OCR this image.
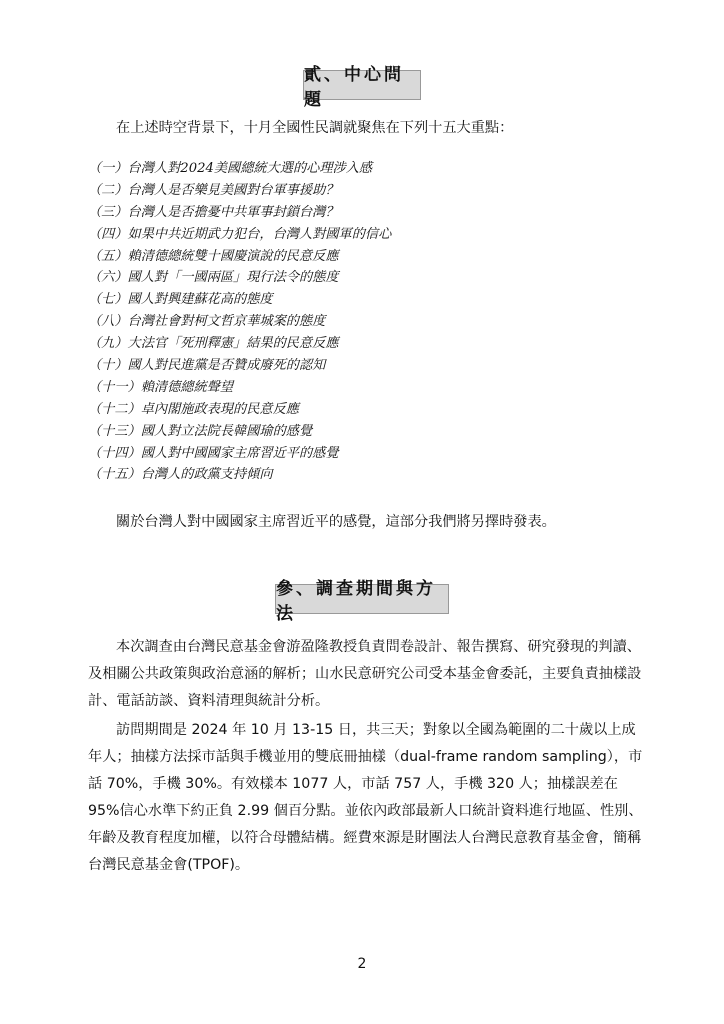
貳、中心問題

在上述時空背景下，十月全國性民調就聚焦在下列十五大重點：

（一）台灣人對2024美國總統大選的心理涉入感
（二）台灣人是否樂見美國對台軍事援助？
（三）台灣人是否擔憂中共軍事封鎖台灣？
（四）如果中共近期武力犯台，台灣人對國軍的信心
（五）賴清德總統雙十國慶演說的民意反應
（六）國人對「一國兩區」現行法令的態度
（七）國人對興建蘇花高的態度
（八）台灣社會對柯文哲京華城案的態度
（九）大法官「死刑釋憲」結果的民意反應
（十）國人對民進黨是否贊成廢死的認知
（十一）賴清德總統聲望
（十二）卓內閣施政表現的民意反應
（十三）國人對立法院長韓國瑜的感覺
（十四）國人對中國國家主席習近平的感覺
（十五）台灣人的政黨支持傾向

關於台灣人對中國國家主席習近平的感覺，這部分我們將另擇時發表。

參、調查期間與方法

本次調查由台灣民意基金會游盈隆教授負責問卷設計、報告撰寫、研究發現的判讀、及相關公共政策與政治意涵的解析；山水民意研究公司受本基金會委託，主要負責抽樣設計、電話訪談、資料清理與統計分析。

訪問期間是 2024 年 10 月 13-15 日，共三天；對象以全國為範圍的二十歲以上成年人；抽樣方法採市話與手機並用的雙底冊抽樣（dual-frame random sampling），市話 70%，手機 30%。有效樣本 1077 人，市話 757 人，手機 320 人；抽樣誤差在 95%信心水準下約正負 2.99 個百分點。並依內政部最新人口統計資料進行地區、性別、年齡及教育程度加權，以符合母體結構。經費來源是財團法人台灣民意教育基金會，簡稱台灣民意基金會(TPOF)。

2
